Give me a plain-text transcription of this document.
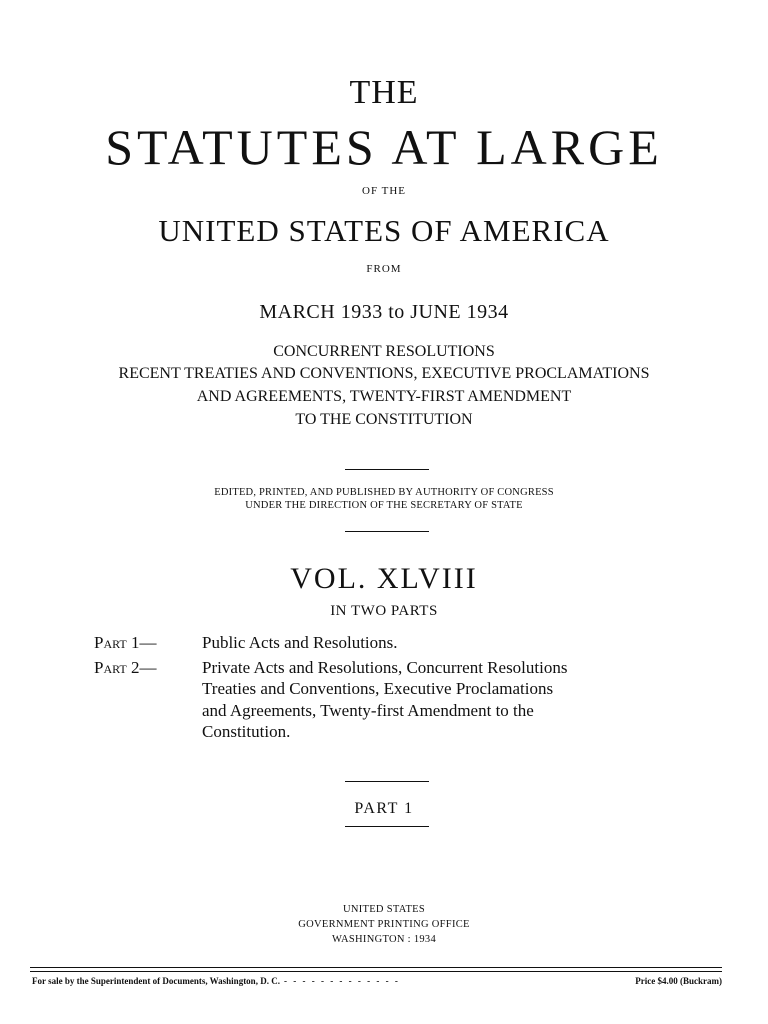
THE
STATUTES AT LARGE
OF THE
UNITED STATES OF AMERICA
FROM
MARCH 1933 to JUNE 1934
CONCURRENT RESOLUTIONS
RECENT TREATIES AND CONVENTIONS, EXECUTIVE PROCLAMATIONS
AND AGREEMENTS, TWENTY-FIRST AMENDMENT
TO THE CONSTITUTION
EDITED, PRINTED, AND PUBLISHED BY AUTHORITY OF CONGRESS
UNDER THE DIRECTION OF THE SECRETARY OF STATE
VOL. XLVIII
IN TWO PARTS
Part 1—	Public Acts and Resolutions.
Part 2—	Private Acts and Resolutions, Concurrent Resolutions
Treaties and Conventions, Executive Proclamations
and Agreements, Twenty-first Amendment to the
Constitution.
PART 1
UNITED STATES
GOVERNMENT PRINTING OFFICE
WASHINGTON : 1934
For sale by the Superintendent of Documents, Washington, D. C. - - - - - - - - - - - - -	Price $4.00 (Buckram)
